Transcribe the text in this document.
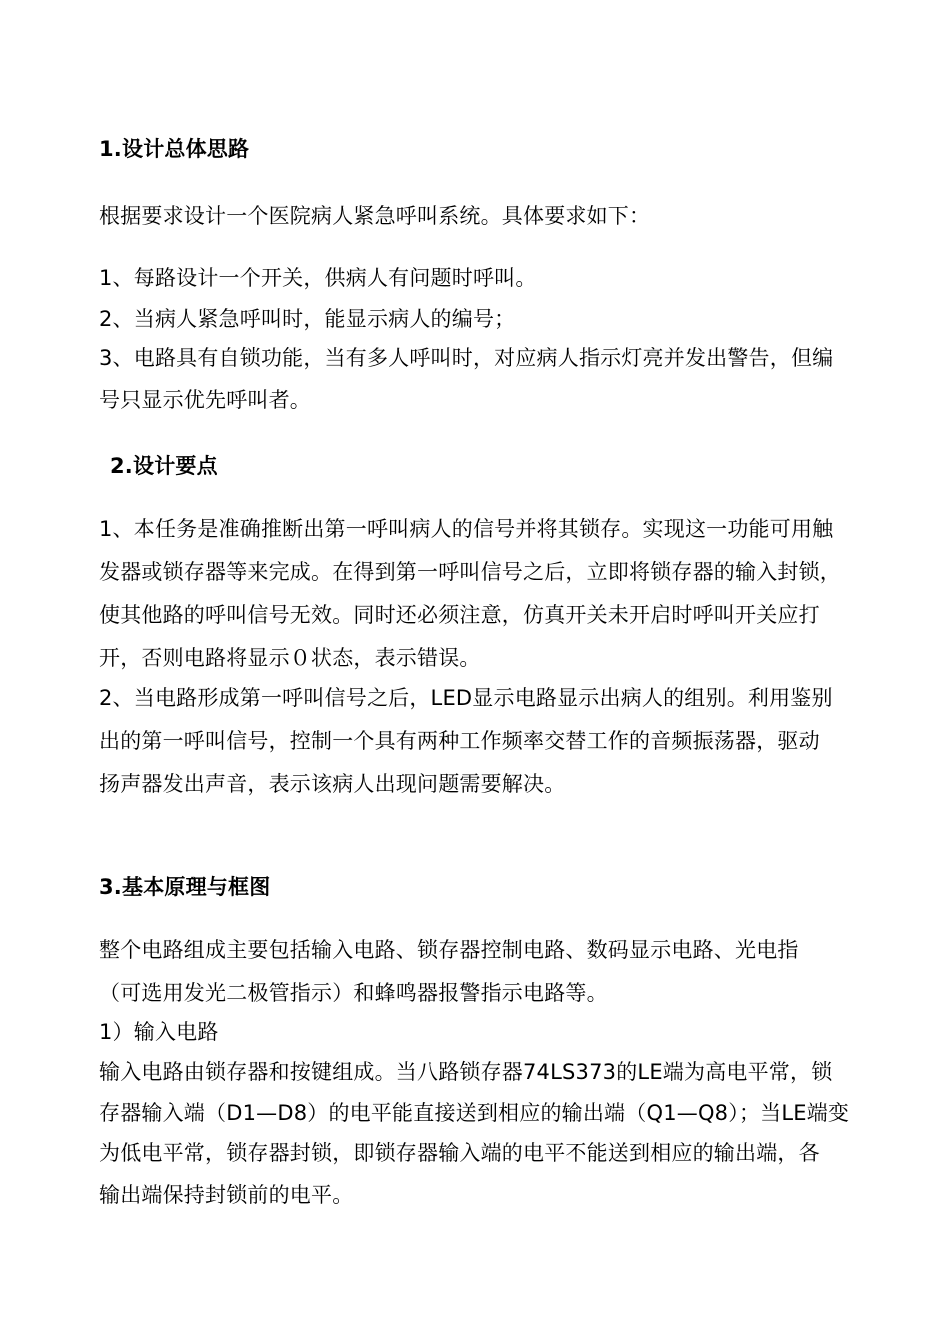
1.设计总体思路
根据要求设计一个医院病人紧急呼叫系统。具体要求如下：
1、每路设计一个开关，供病人有问题时呼叫。
2、当病人紧急呼叫时，能显示病人的编号；
3、电路具有自锁功能，当有多人呼叫时，对应病人指示灯亮并发出警告，但编
号只显示优先呼叫者。
2.设计要点
1、本任务是准确推断出第一呼叫病人的信号并将其锁存。实现这一功能可用触
发器或锁存器等来完成。在得到第一呼叫信号之后，立即将锁存器的输入封锁，
使其他路的呼叫信号无效。同时还必须注意，仿真开关未开启时呼叫开关应打
开，否则电路将显示０状态，表示错误。
2、当电路形成第一呼叫信号之后，LED显示电路显示出病人的组别。利用鉴别
出的第一呼叫信号，控制一个具有两种工作频率交替工作的音频振荡器，驱动
扬声器发出声音，表示该病人出现问题需要解决。
3.基本原理与框图
整个电路组成主要包括输入电路、锁存器控制电路、数码显示电路、光电指
（可选用发光二极管指示）和蜂鸣器报警指示电路等。
1）输入电路
输入电路由锁存器和按键组成。当八路锁存器74LS373的LE端为高电平常，锁
存器输入端（D1—D8）的电平能直接送到相应的输出端（Q1—Q8）；当LE端变
为低电平常，锁存器封锁，即锁存器输入端的电平不能送到相应的输出端，各
输出端保持封锁前的电平。
